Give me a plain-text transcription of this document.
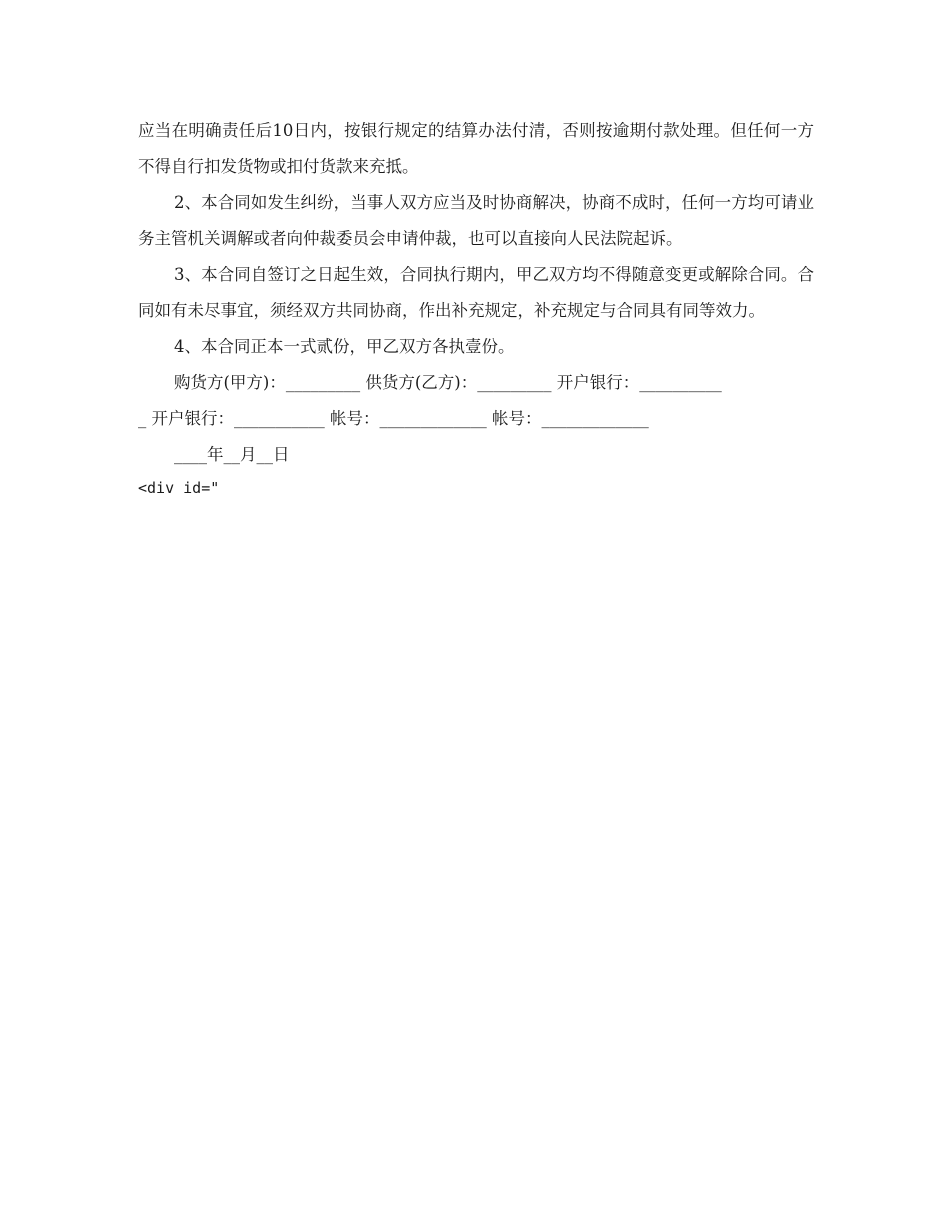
应当在明确责任后10日内，按银行规定的结算办法付清，否则按逾期付款处理。但任何一方不得自行扣发货物或扣付货款来充抵。

2、本合同如发生纠纷，当事人双方应当及时协商解决，协商不成时，任何一方均可请业务主管机关调解或者向仲裁委员会申请仲裁，也可以直接向人民法院起诉。

3、本合同自签订之日起生效，合同执行期内，甲乙双方均不得随意变更或解除合同。合同如有未尽事宜，须经双方共同协商，作出补充规定，补充规定与合同具有同等效力。

4、本合同正本一式贰份，甲乙双方各执壹份。

购货方(甲方)：_________ 供货方(乙方)：_________ 开户银行：__________

_ 开户银行：___________ 帐号：_____________ 帐号：_____________

____年__月__日

<div id="
